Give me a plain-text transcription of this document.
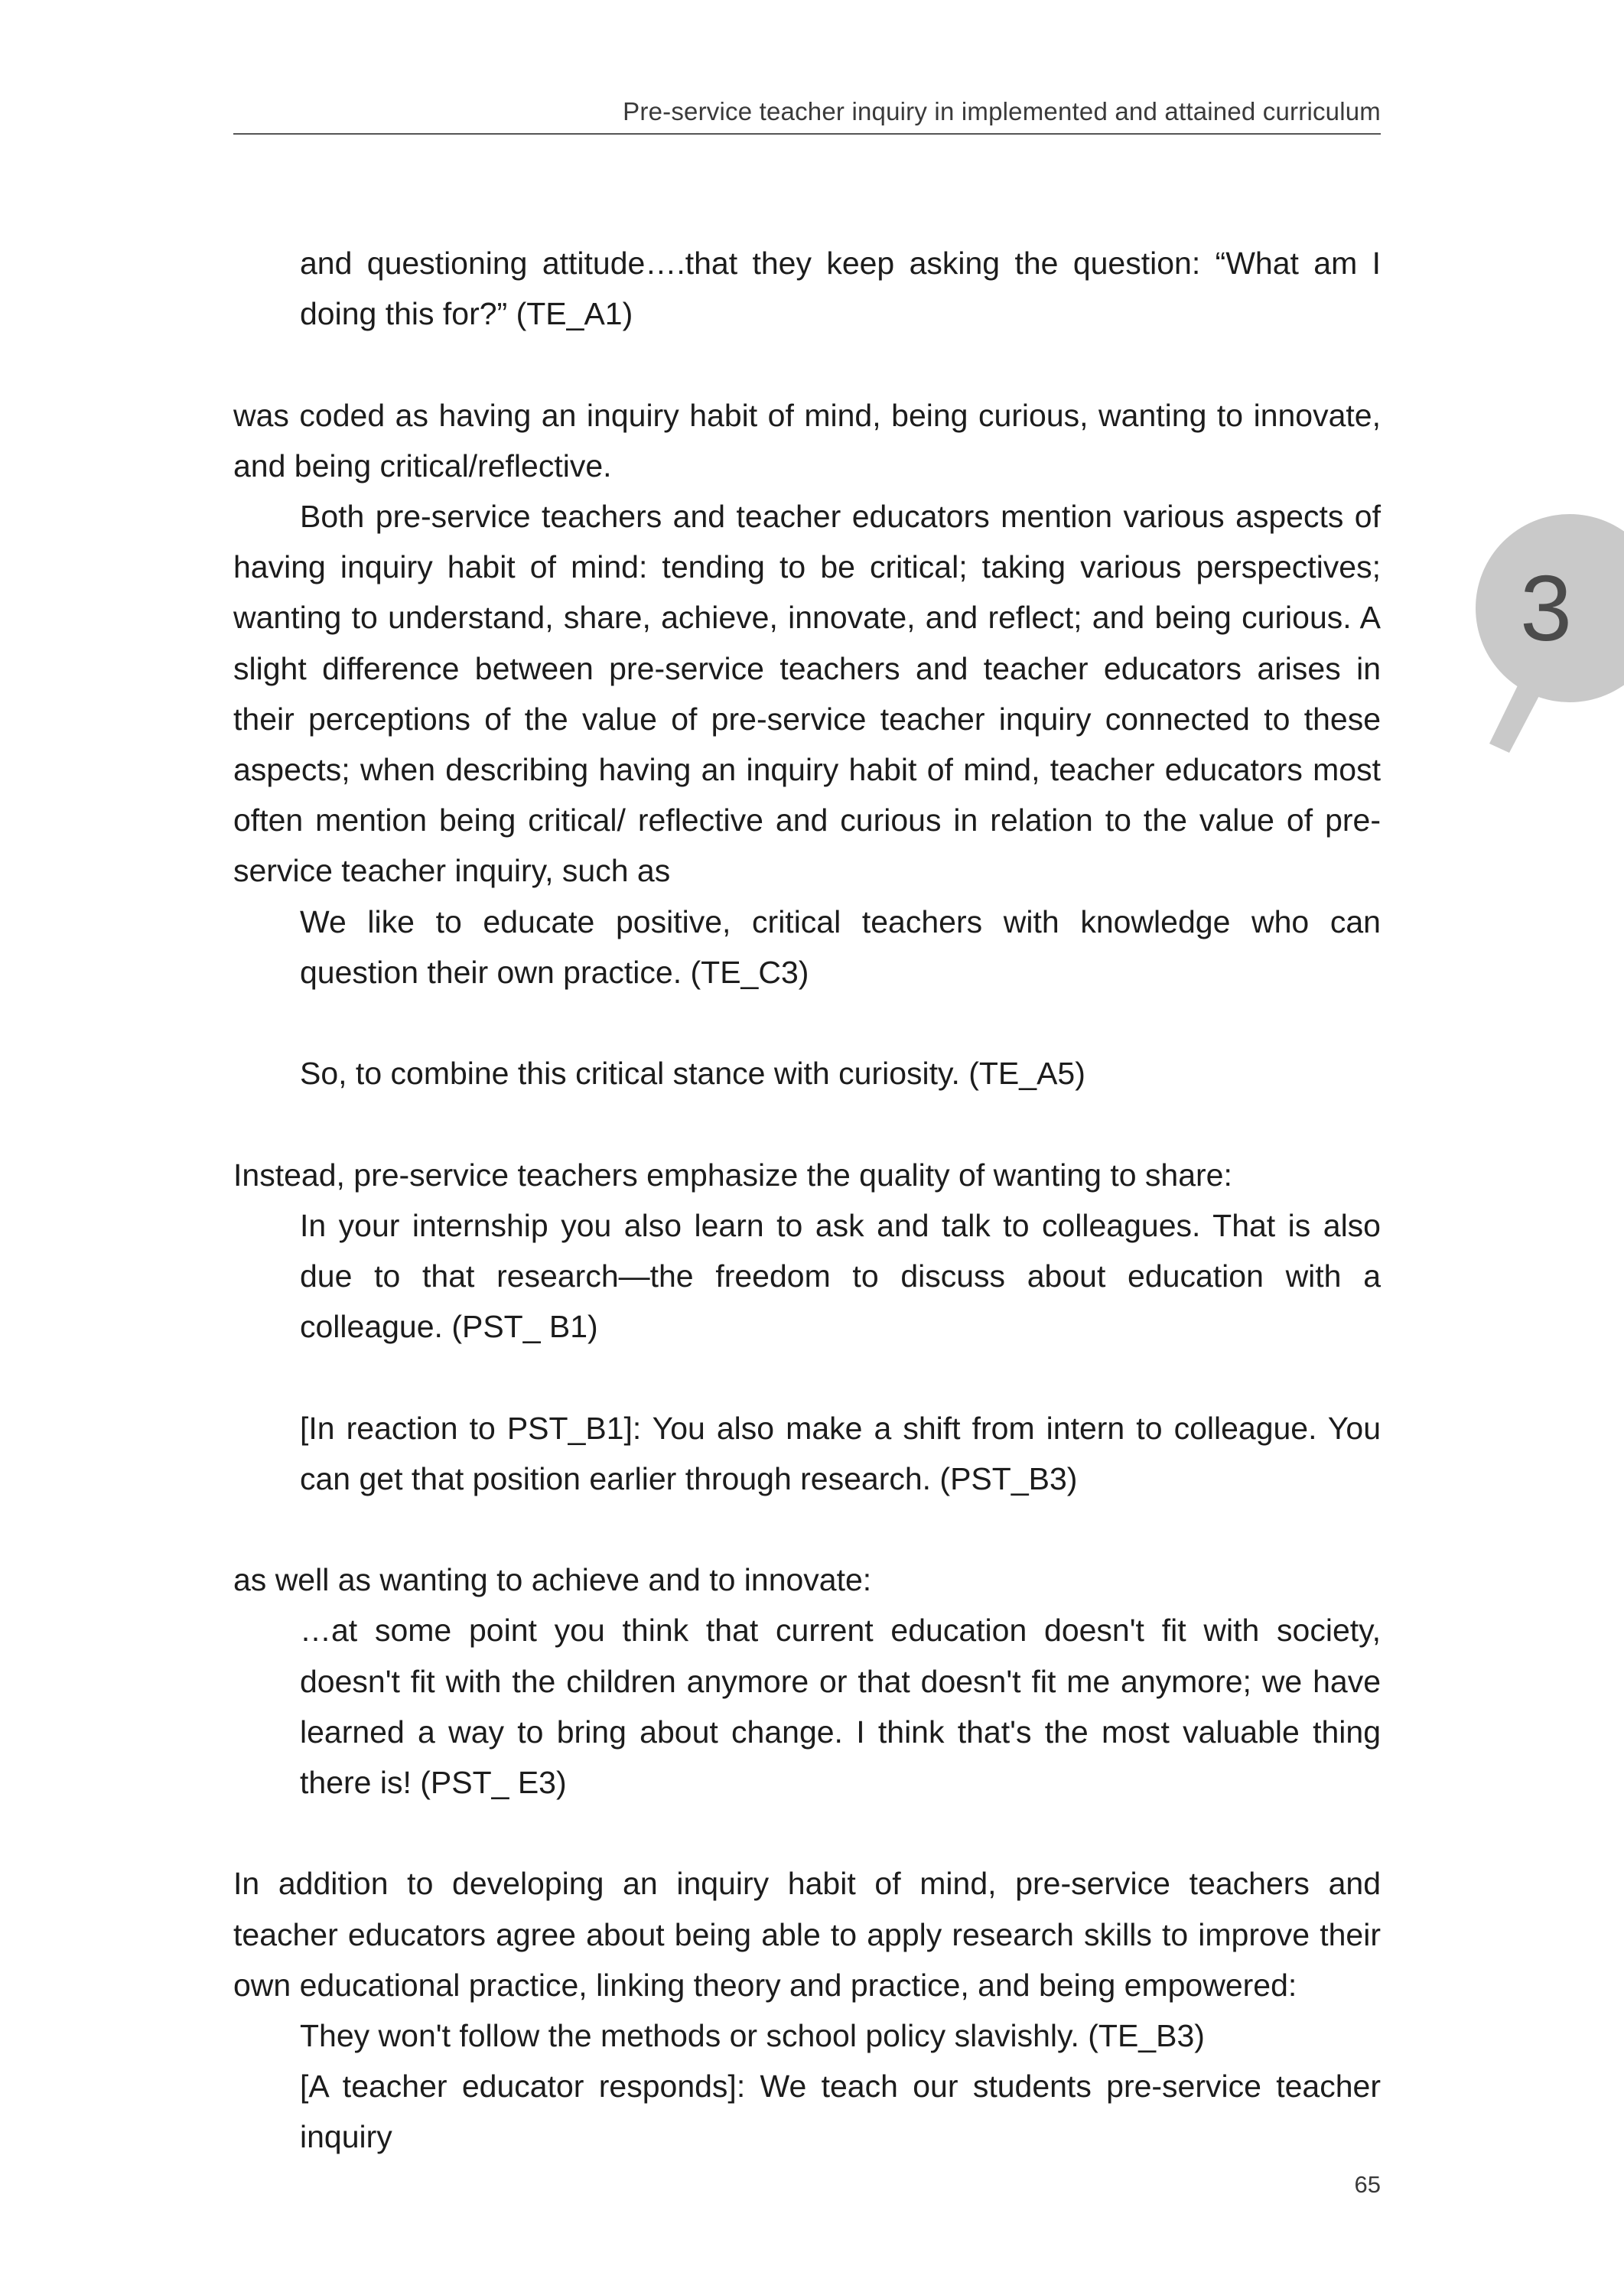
Pre-service teacher inquiry in implemented and attained curriculum
3

and questioning attitude….that they keep asking the question: “What am I doing this for?” (TE_A1)

was coded as having an inquiry habit of mind, being curious, wanting to innovate, and being critical/reflective.

Both pre-service teachers and teacher educators mention various aspects of having inquiry habit of mind: tending to be critical; taking various perspectives; wanting to understand, share, achieve, innovate, and reflect; and being curious. A slight difference between pre-service teachers and teacher educators arises in their perceptions of the value of pre-service teacher inquiry connected to these aspects; when describing having an inquiry habit of mind, teacher educators most often mention being critical/ reflective and curious in relation to the value of pre-service teacher inquiry, such as

We like to educate positive, critical teachers with knowledge who can question their own practice. (TE_C3)

So, to combine this critical stance with curiosity. (TE_A5)

Instead, pre-service teachers emphasize the quality of wanting to share:

In your internship you also learn to ask and talk to colleagues. That is also due to that research—the freedom to discuss about education with a colleague. (PST_ B1)

[In reaction to PST_B1]: You also make a shift from intern to colleague. You can get that position earlier through research. (PST_B3)

as well as wanting to achieve and to innovate:

…at some point you think that current education doesn't fit with society, doesn't fit with the children anymore or that doesn't fit me anymore; we have learned a way to bring about change. I think that's the most valuable thing there is! (PST_ E3)

In addition to developing an inquiry habit of mind, pre-service teachers and teacher educators agree about being able to apply research skills to improve their own educational practice, linking theory and practice, and being empowered:

They won't follow the methods or school policy slavishly. (TE_B3)

[A teacher educator responds]: We teach our students pre-service teacher inquiry

65
